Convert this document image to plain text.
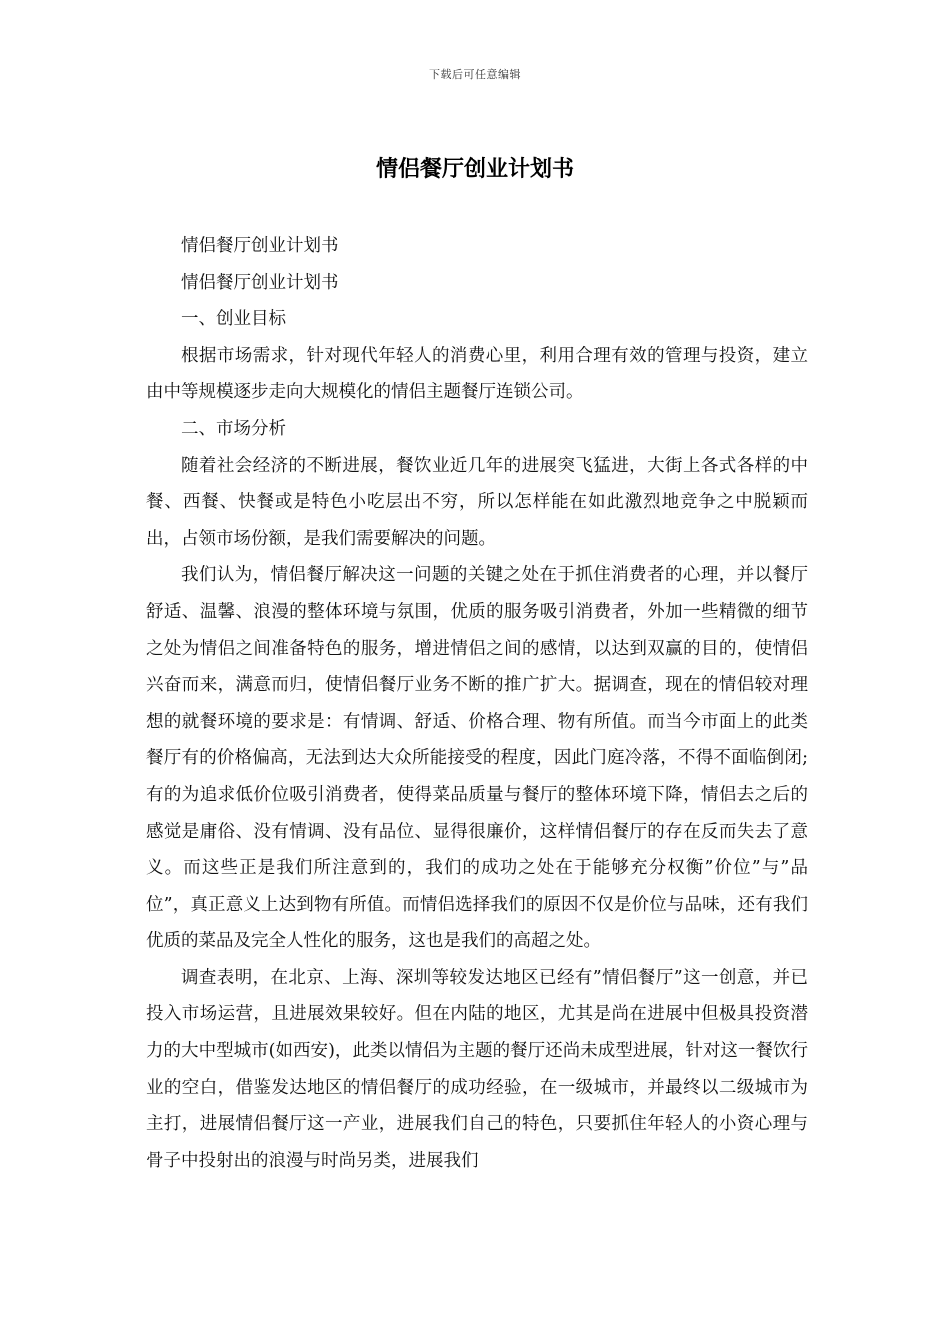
下载后可任意编辑
情侣餐厅创业计划书

情侣餐厅创业计划书

情侣餐厅创业计划书

一、创业目标

根据市场需求，针对现代年轻人的消费心里，利用合理有效的管理与投资，建立由中等规模逐步走向大规模化的情侣主题餐厅连锁公司。

二、市场分析

随着社会经济的不断进展，餐饮业近几年的进展突飞猛进，大街上各式各样的中餐、西餐、快餐或是特色小吃层出不穷，所以怎样能在如此激烈地竞争之中脱颖而出，占领市场份额，是我们需要解决的问题。

我们认为，情侣餐厅解决这一问题的关键之处在于抓住消费者的心理，并以餐厅舒适、温馨、浪漫的整体环境与氛围，优质的服务吸引消费者，外加一些精微的细节之处为情侣之间准备特色的服务，增进情侣之间的感情，以达到双赢的目的，使情侣兴奋而来，满意而归，使情侣餐厅业务不断的推广扩大。据调查，现在的情侣较对理想的就餐环境的要求是：有情调、舒适、价格合理、物有所值。而当今市面上的此类餐厅有的价格偏高，无法到达大众所能接受的程度，因此门庭冷落，不得不面临倒闭;有的为追求低价位吸引消费者，使得菜品质量与餐厅的整体环境下降，情侣去之后的感觉是庸俗、没有情调、没有品位、显得很廉价，这样情侣餐厅的存在反而失去了意义。而这些正是我们所注意到的，我们的成功之处在于能够充分权衡”价位”与”品位”，真正意义上达到物有所值。而情侣选择我们的原因不仅是价位与品味，还有我们优质的菜品及完全人性化的服务，这也是我们的高超之处。

调查表明，在北京、上海、深圳等较发达地区已经有”情侣餐厅”这一创意，并已投入市场运营，且进展效果较好。但在内陆的地区，尤其是尚在进展中但极具投资潜力的大中型城市(如西安)，此类以情侣为主题的餐厅还尚未成型进展，针对这一餐饮行业的空白，借鉴发达地区的情侣餐厅的成功经验，在一级城市，并最终以二级城市为主打，进展情侣餐厅这一产业，进展我们自己的特色，只要抓住年轻人的小资心理与骨子中投射出的浪漫与时尚另类，进展我们
